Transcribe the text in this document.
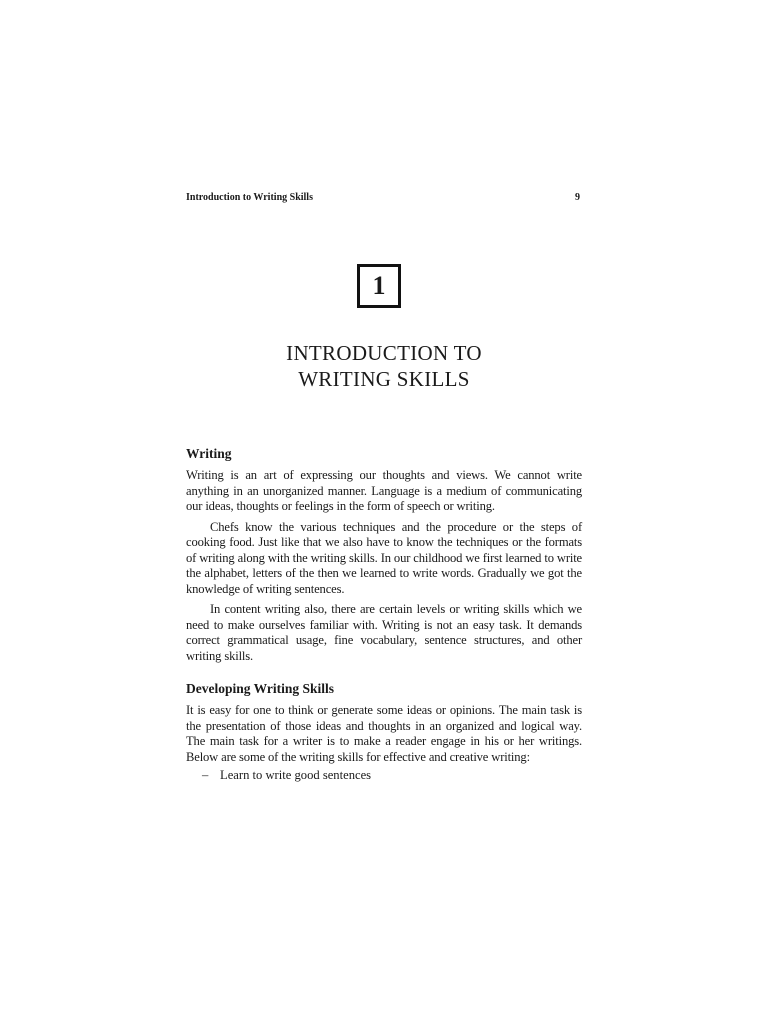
Introduction to Writing Skills	9
1
INTRODUCTION TO
WRITING SKILLS
Writing

Writing is an art of expressing our thoughts and views. We cannot write anything in an unorganized manner. Language is a medium of communicating our ideas, thoughts or feelings in the form of speech or writing.

Chefs know the various techniques and the procedure or the steps of cooking food. Just like that we also have to know the techniques or the formats of writing along with the writing skills. In our childhood we first learned to write the alphabet, letters of the then we learned to write words. Gradually we got the knowledge of writing sentences.

In content writing also, there are certain levels or writing skills which we need to make ourselves familiar with. Writing is not an easy task. It demands correct grammatical usage, fine vocabulary, sentence structures, and other writing skills.

Developing Writing Skills

It is easy for one to think or generate some ideas or opinions. The main task is the presentation of those ideas and thoughts in an organized and logical way. The main task for a writer is to make a reader engage in his or her writings. Below are some of the writing skills for effective and creative writing:

– Learn to write good sentences
